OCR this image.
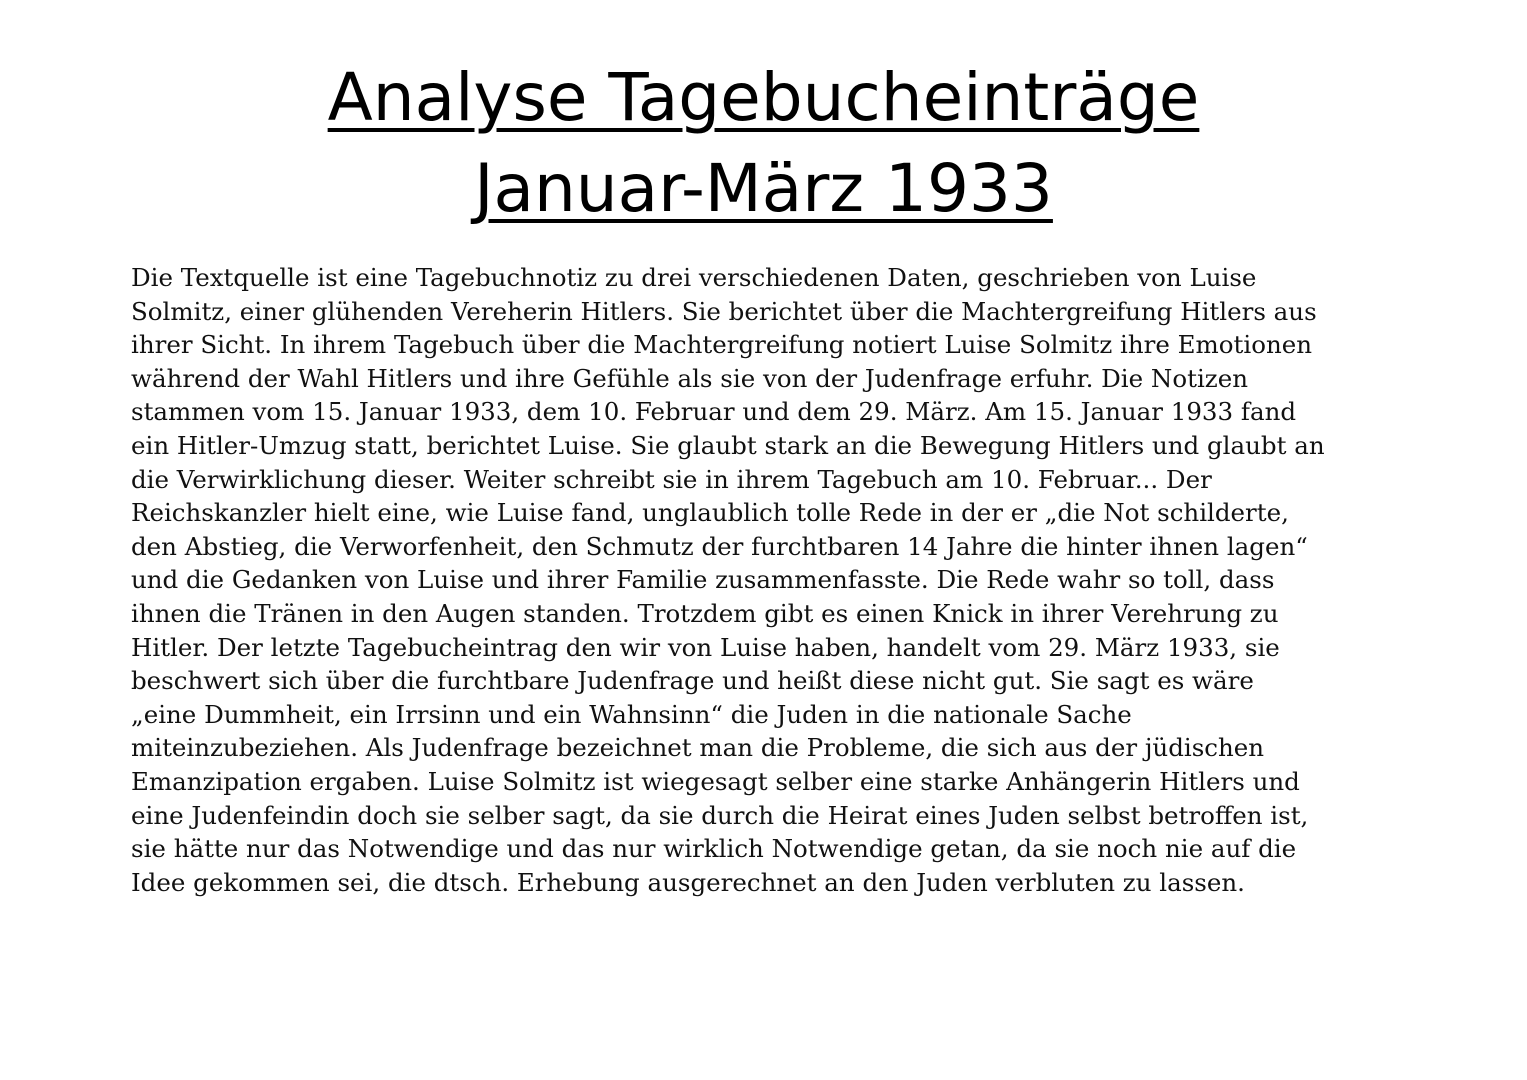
Analyse Tagebucheinträge
Januar-März 1933
Die Textquelle ist eine Tagebuchnotiz zu drei verschiedenen Daten, geschrieben von Luise
Solmitz, einer glühenden Vereherin Hitlers. Sie berichtet über die Machtergreifung Hitlers aus
ihrer Sicht. In ihrem Tagebuch über die Machtergreifung notiert Luise Solmitz ihre Emotionen
während der Wahl Hitlers und ihre Gefühle als sie von der Judenfrage erfuhr. Die Notizen
stammen vom 15. Januar 1933, dem 10. Februar und dem 29. März. Am 15. Januar 1933 fand
ein Hitler-Umzug statt, berichtet Luise. Sie glaubt stark an die Bewegung Hitlers und glaubt an
die Verwirklichung dieser. Weiter schreibt sie in ihrem Tagebuch am 10. Februar... Der
Reichskanzler hielt eine, wie Luise fand, unglaublich tolle Rede in der er „die Not schilderte,
den Abstieg, die Verworfenheit, den Schmutz der furchtbaren 14 Jahre die hinter ihnen lagen“
und die Gedanken von Luise und ihrer Familie zusammenfasste. Die Rede wahr so toll, dass
ihnen die Tränen in den Augen standen. Trotzdem gibt es einen Knick in ihrer Verehrung zu
Hitler. Der letzte Tagebucheintrag den wir von Luise haben, handelt vom 29. März 1933, sie
beschwert sich über die furchtbare Judenfrage und heißt diese nicht gut. Sie sagt es wäre
„eine Dummheit, ein Irrsinn und ein Wahnsinn“ die Juden in die nationale Sache
miteinzubeziehen. Als Judenfrage bezeichnet man die Probleme, die sich aus der jüdischen
Emanzipation ergaben. Luise Solmitz ist wiegesagt selber eine starke Anhängerin Hitlers und
eine Judenfeindin doch sie selber sagt, da sie durch die Heirat eines Juden selbst betroffen ist,
sie hätte nur das Notwendige und das nur wirklich Notwendige getan, da sie noch nie auf die
Idee gekommen sei, die dtsch. Erhebung ausgerechnet an den Juden verbluten zu lassen.
